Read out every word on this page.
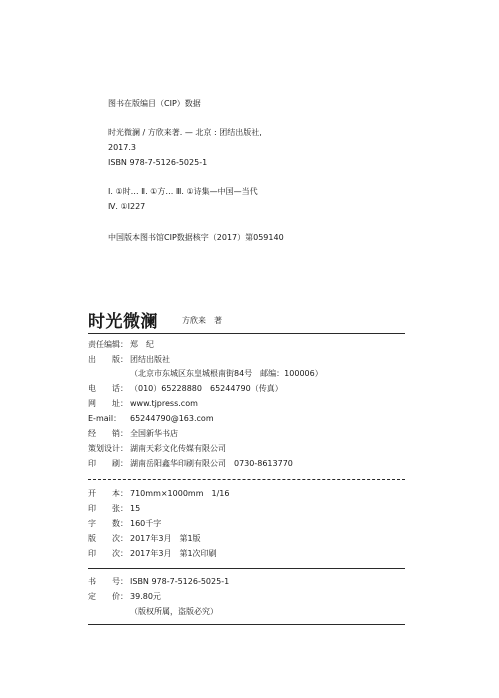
图书在版编目（CIP）数据
时光微澜 / 方欣来著. — 北京 : 团结出版社,
2017.3
ISBN 978-7-5126-5025-1
Ⅰ. ①时… Ⅱ. ①方… Ⅲ. ①诗集—中国—当代
Ⅳ. ①I227
中国版本图书馆CIP数据核字（2017）第059140
时光微澜	方欣来　著
责任编辑： 郑　纪
出　　版： 团结出版社
（北京市东城区东皇城根南街84号　邮编：100006）
电　　话： （010）65228880　65244790（传真）
网　　址： www.tjpress.com
E-mail： 65244790@163.com
经　　销： 全国新华书店
策划设计： 湖南天彩文化传媒有限公司
印　　刷： 湖南岳阳鑫华印刷有限公司　0730-8613770
开　　本： 710mm×1000mm　1/16
印　　张： 15
字　　数： 160千字
版　　次： 2017年3月　第1版
印　　次： 2017年3月　第1次印刷
书　　号： ISBN 978-7-5126-5025-1
定　　价： 39.80元
（版权所属，盗版必究）
